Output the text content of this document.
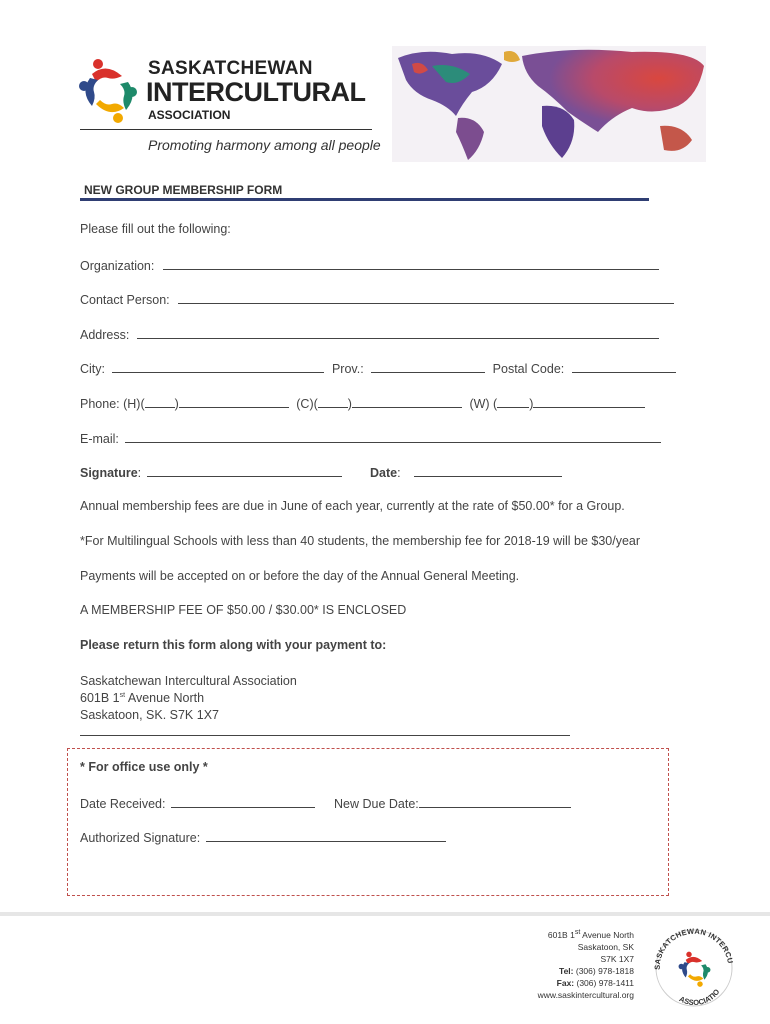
SASKATCHEWAN
INTERCULTURAL
ASSOCIATION
Promoting harmony among all people
NEW GROUP MEMBERSHIP FORM
Please fill out the following:
Organization:
Contact Person:
Address:
City:	Prov.:	Postal Code:
Phone: (H)( )	(C)( )	(W) (	)
E-mail:
Signature:	Date:
Annual membership fees are due in June of each year, currently at the rate of $50.00* for a Group.
*For Multilingual Schools with less than 40 students, the membership fee for 2018-19 will be $30/year
Payments will be accepted on or before the day of the Annual General Meeting.
A MEMBERSHIP FEE OF $50.00 / $30.00* IS ENCLOSED
Please return this form along with your payment to:
Saskatchewan Intercultural Association
601B 1st Avenue North
Saskatoon, SK. S7K 1X7
* For office use only *
Date Received:	New Due Date:
Authorized Signature:
601B 1st Avenue North
Saskatoon, SK
S7K 1X7
Tel: (306) 978-1818
Fax: (306) 978-1411
www.saskintercultural.org
SASKATCHEWAN INTERCU
ASSOCIATIO
